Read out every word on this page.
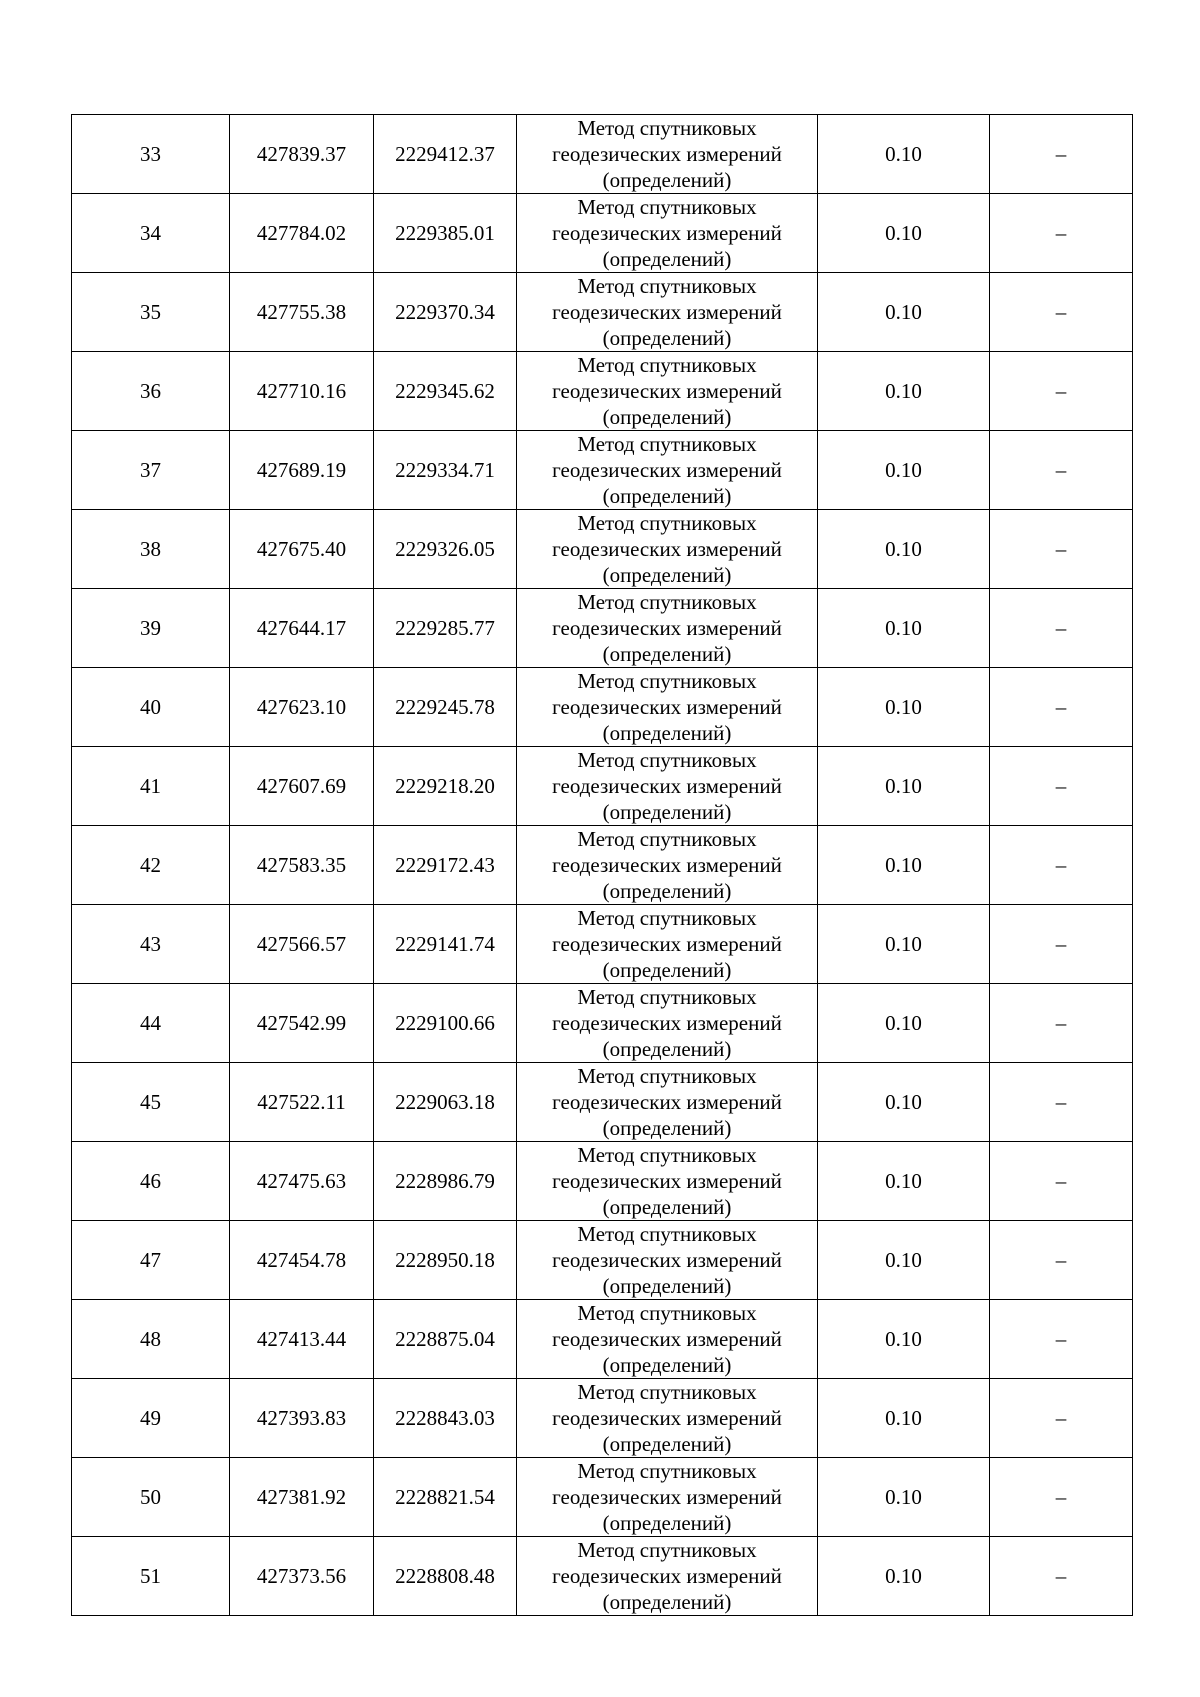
33	427839.37	2229412.37	Метод спутниковых
геодезических измерений
(определений)	0.10	–
34	427784.02	2229385.01	Метод спутниковых
геодезических измерений
(определений)	0.10	–
35	427755.38	2229370.34	Метод спутниковых
геодезических измерений
(определений)	0.10	–
36	427710.16	2229345.62	Метод спутниковых
геодезических измерений
(определений)	0.10	–
37	427689.19	2229334.71	Метод спутниковых
геодезических измерений
(определений)	0.10	–
38	427675.40	2229326.05	Метод спутниковых
геодезических измерений
(определений)	0.10	–
39	427644.17	2229285.77	Метод спутниковых
геодезических измерений
(определений)	0.10	–
40	427623.10	2229245.78	Метод спутниковых
геодезических измерений
(определений)	0.10	–
41	427607.69	2229218.20	Метод спутниковых
геодезических измерений
(определений)	0.10	–
42	427583.35	2229172.43	Метод спутниковых
геодезических измерений
(определений)	0.10	–
43	427566.57	2229141.74	Метод спутниковых
геодезических измерений
(определений)	0.10	–
44	427542.99	2229100.66	Метод спутниковых
геодезических измерений
(определений)	0.10	–
45	427522.11	2229063.18	Метод спутниковых
геодезических измерений
(определений)	0.10	–
46	427475.63	2228986.79	Метод спутниковых
геодезических измерений
(определений)	0.10	–
47	427454.78	2228950.18	Метод спутниковых
геодезических измерений
(определений)	0.10	–
48	427413.44	2228875.04	Метод спутниковых
геодезических измерений
(определений)	0.10	–
49	427393.83	2228843.03	Метод спутниковых
геодезических измерений
(определений)	0.10	–
50	427381.92	2228821.54	Метод спутниковых
геодезических измерений
(определений)	0.10	–
51	427373.56	2228808.48	Метод спутниковых
геодезических измерений
(определений)	0.10	–
